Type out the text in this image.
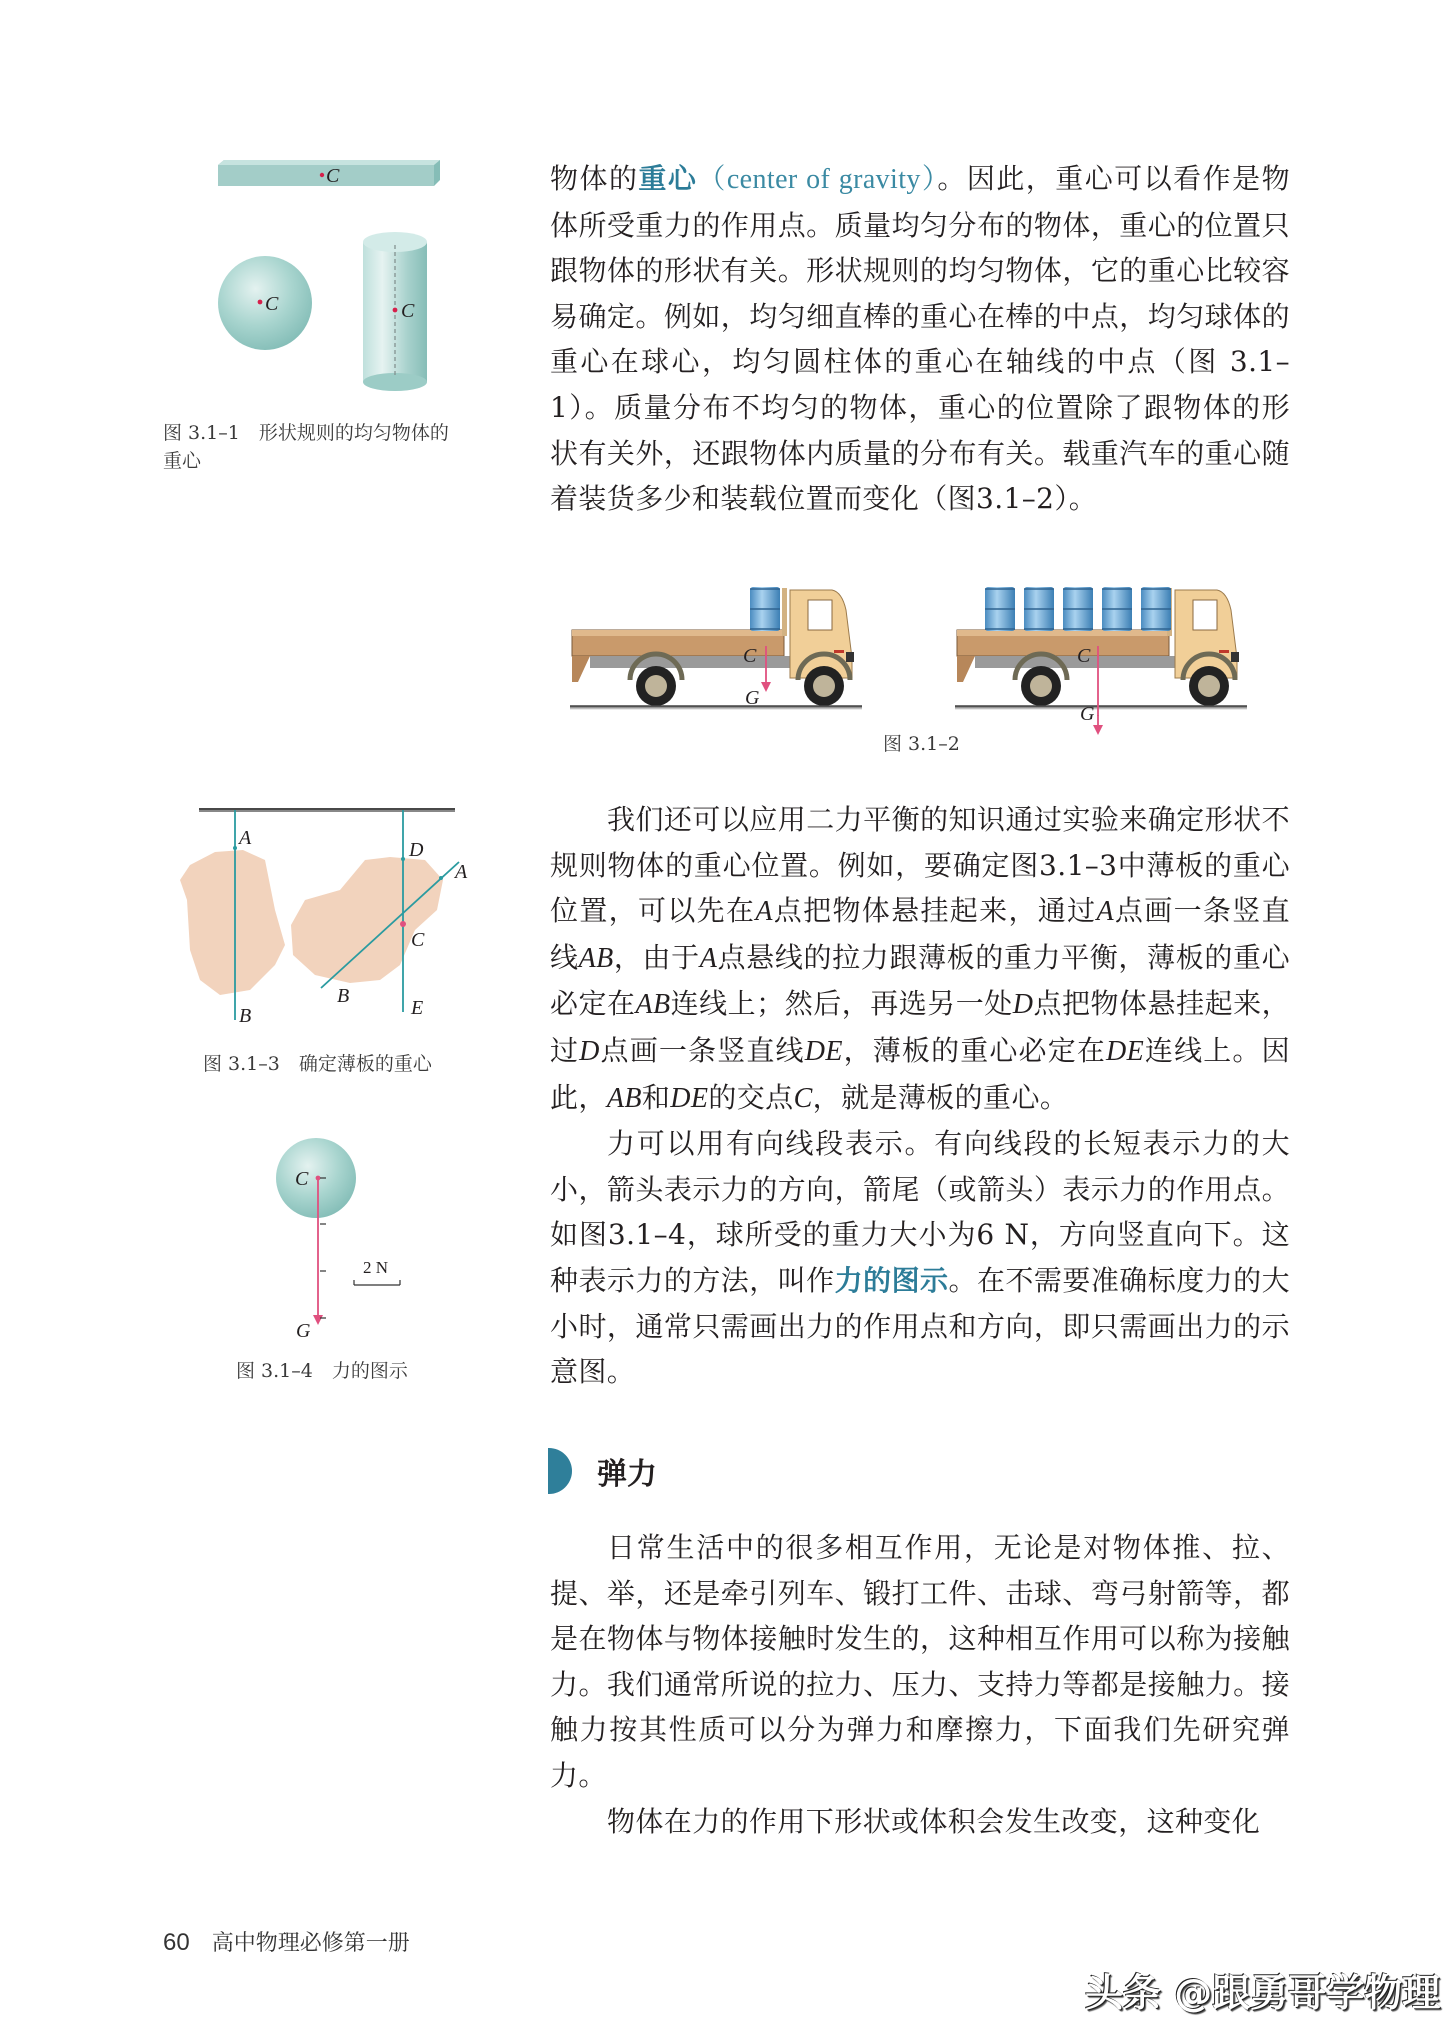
C
C	C
图 3.1–1　形状规则的均匀物体的
重心

物体的重心（center of gravity）。因此，重心可以看作是物体所受重力的作用点。质量均匀分布的物体，重心的位置只跟物体的形状有关。形状规则的均匀物体，它的重心比较容易确定。例如，均匀细直棒的重心在棒的中点，均匀球体的重心在球心，均匀圆柱体的重心在轴线的中点（图 3.1–1）。质量分布不均匀的物体，重心的位置除了跟物体的形状有关外，还跟物体内质量的分布有关。载重汽车的重心随着装货多少和装载位置而变化（图3.1–2）。

C
G
C
G
图 3.1–2
A
B
D
A
C
B
E
图 3.1–3　确定薄板的重心

我们还可以应用二力平衡的知识通过实验来确定形状不规则物体的重心位置。例如，要确定图3.1–3中薄板的重心位置，可以先在A点把物体悬挂起来，通过A点画一条竖直线AB，由于A点悬线的拉力跟薄板的重力平衡，薄板的重心必定在AB连线上；然后，再选另一处D点把物体悬挂起来，过D点画一条竖直线DE，薄板的重心必定在DE连线上。因此，AB和DE的交点C，就是薄板的重心。

力可以用有向线段表示。有向线段的长短表示力的大小，箭头表示力的方向，箭尾（或箭头）表示力的作用点。如图3.1–4，球所受的重力大小为6 N，方向竖直向下。这种表示力的方法，叫作力的图示。在不需要准确标度力的大小时，通常只需画出力的作用点和方向，即只需画出力的示意图。

C
G
2 N
图 3.1–4　力的图示
弹力

日常生活中的很多相互作用，无论是对物体推、拉、提、举，还是牵引列车、锻打工件、击球、弯弓射箭等，都是在物体与物体接触时发生的，这种相互作用可以称为接触力。我们通常所说的拉力、压力、支持力等都是接触力。接触力按其性质可以分为弹力和摩擦力，下面我们先研究弹力。

物体在力的作用下形状或体积会发生改变，这种变化

60 高中物理必修第一册
头条 @跟勇哥学物理
